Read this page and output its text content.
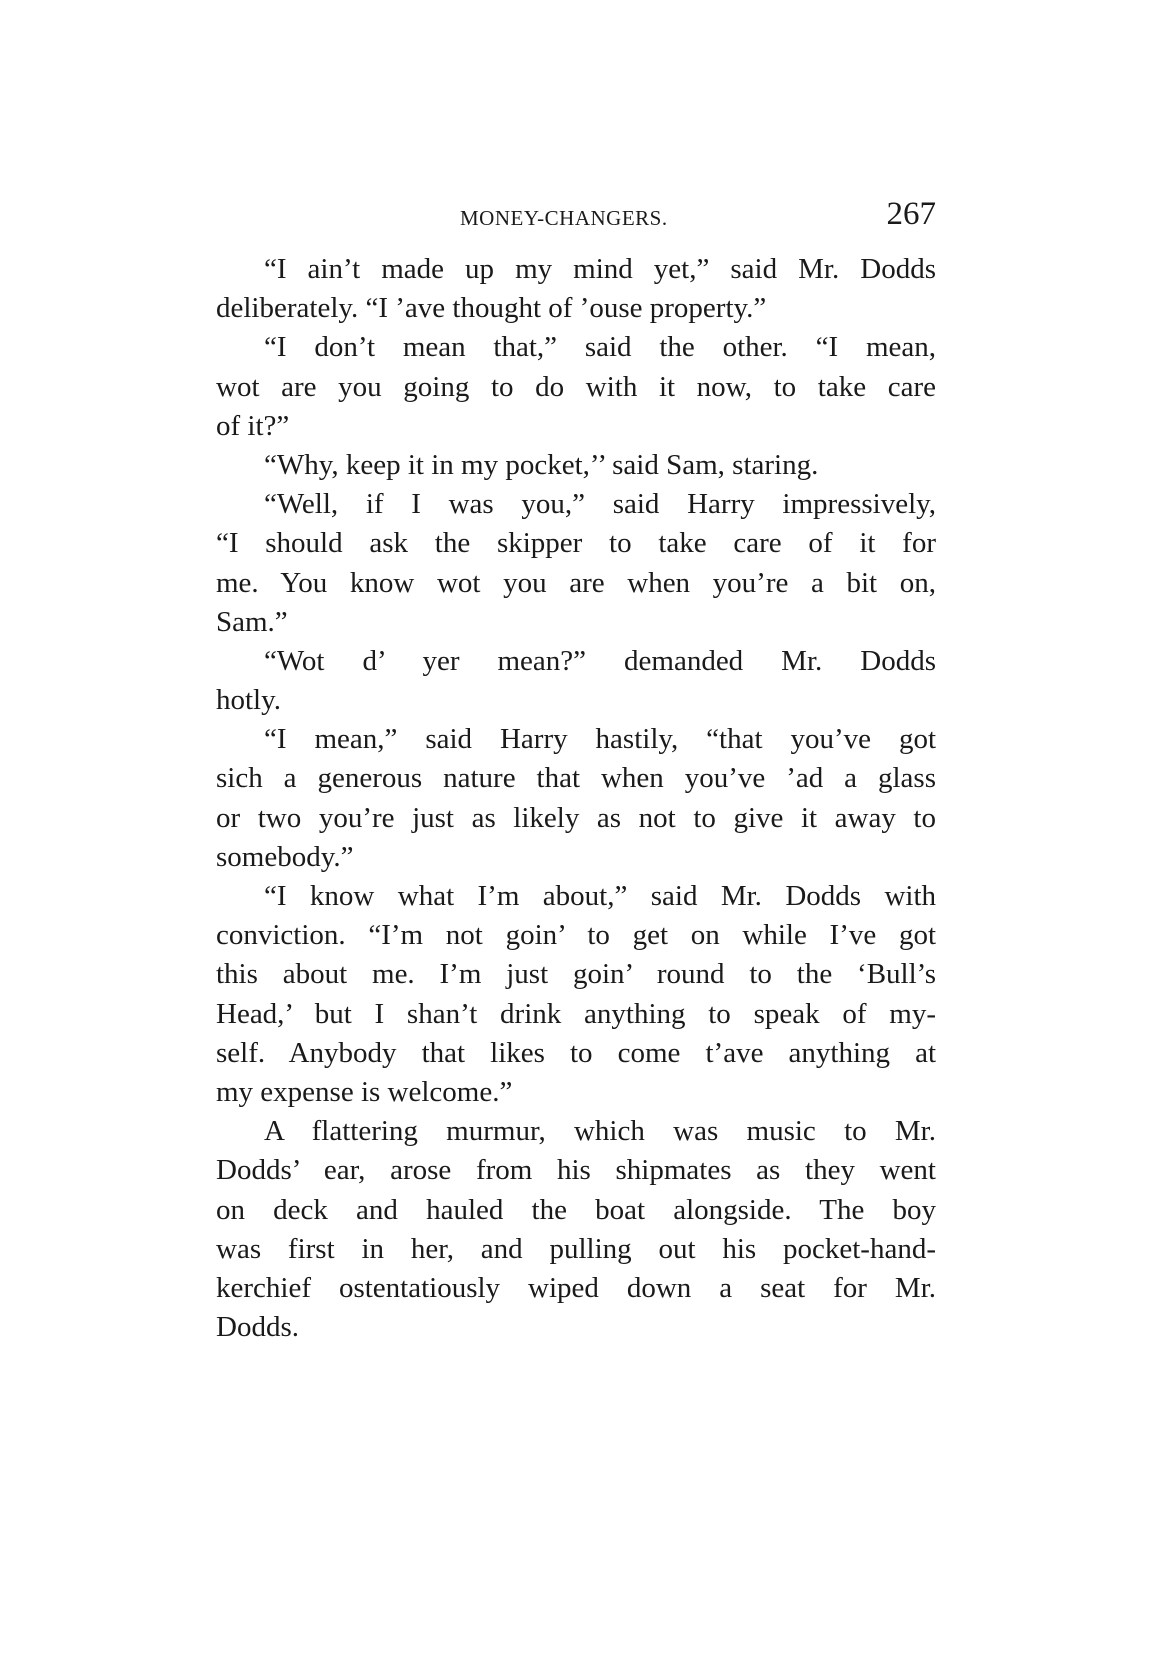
MONEY-CHANGERS.	267
“I ain’t made up my mind yet,” said Mr. Dodds
deliberately. “I ’ave thought of ’ouse property.”
“I don’t mean that,” said the other. “I mean,
wot are you going to do with it now, to take care
of it?”
“Why, keep it in my pocket,’’ said Sam, staring.
“Well, if I was you,” said Harry impressively,
“I should ask the skipper to take care of it for
me. You know wot you are when you’re a bit on,
Sam.”
“Wot d’ yer mean?” demanded Mr. Dodds
hotly.
“I mean,” said Harry hastily, “that you’ve got
sich a generous nature that when you’ve ’ad a glass
or two you’re just as likely as not to give it away to
somebody.”
“I know what I’m about,” said Mr. Dodds with
conviction. “I’m not goin’ to get on while I’ve got
this about me. I’m just goin’ round to the ‘Bull’s
Head,’ but I shan’t drink anything to speak of my-
self. Anybody that likes to come t’ave anything at
my expense is welcome.”
A flattering murmur, which was music to Mr.
Dodds’ ear, arose from his shipmates as they went
on deck and hauled the boat alongside. The boy
was first in her, and pulling out his pocket-hand-
kerchief ostentatiously wiped down a seat for Mr.
Dodds.
